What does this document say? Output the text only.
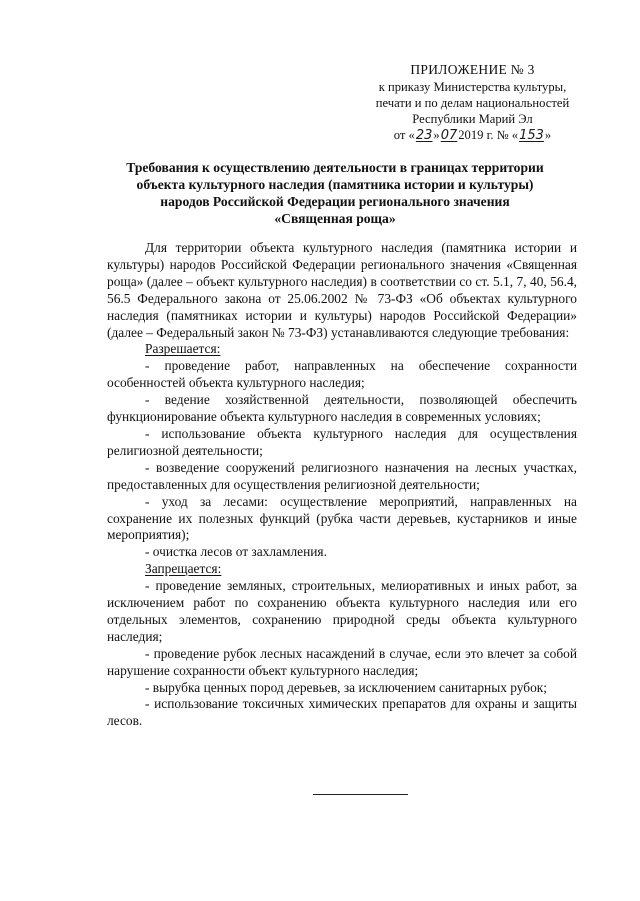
ПРИЛОЖЕНИЕ № 3
к приказу Министерства культуры,
печати и по делам национальностей
Республики Марий Эл
от « 23 » 07 2019 г. № « 153 »
Требования к осуществлению деятельности в границах территории
объекта культурного наследия (памятника истории и культуры)
народов Российской Федерации регионального значения
«Священная роща»

Для территории объекта культурного наследия (памятника истории и культуры) народов Российской Федерации регионального значения «Священная роща» (далее – объект культурного наследия) в соответствии со ст. 5.1, 7, 40, 56.4, 56.5 Федерального закона от 25.06.2002 № 73-ФЗ «Об объектах культурного наследия (памятниках истории и культуры) народов Российской Федерации» (далее – Федеральный закон № 73-ФЗ) устанавливаются следующие требования:

Разрешается:

- проведение работ, направленных на обеспечение сохранности особенностей объекта культурного наследия;

- ведение хозяйственной деятельности, позволяющей обеспечить функционирование объекта культурного наследия в современных условиях;

- использование объекта культурного наследия для осуществления религиозной деятельности;

- возведение сооружений религиозного назначения на лесных участках, предоставленных для осуществления религиозной деятельности;

- уход за лесами: осуществление мероприятий, направленных на сохранение их полезных функций (рубка части деревьев, кустарников и иные мероприятия);

- очистка лесов от захламления.

Запрещается:

- проведение земляных, строительных, мелиоративных и иных работ, за исключением работ по сохранению объекта культурного наследия или его отдельных элементов, сохранению природной среды объекта культурного наследия;

- проведение рубок лесных насаждений в случае, если это влечет за собой нарушение сохранности объект культурного наследия;

- вырубка ценных пород деревьев, за исключением санитарных рубок;

- использование токсичных химических препаратов для охраны и защиты лесов.
